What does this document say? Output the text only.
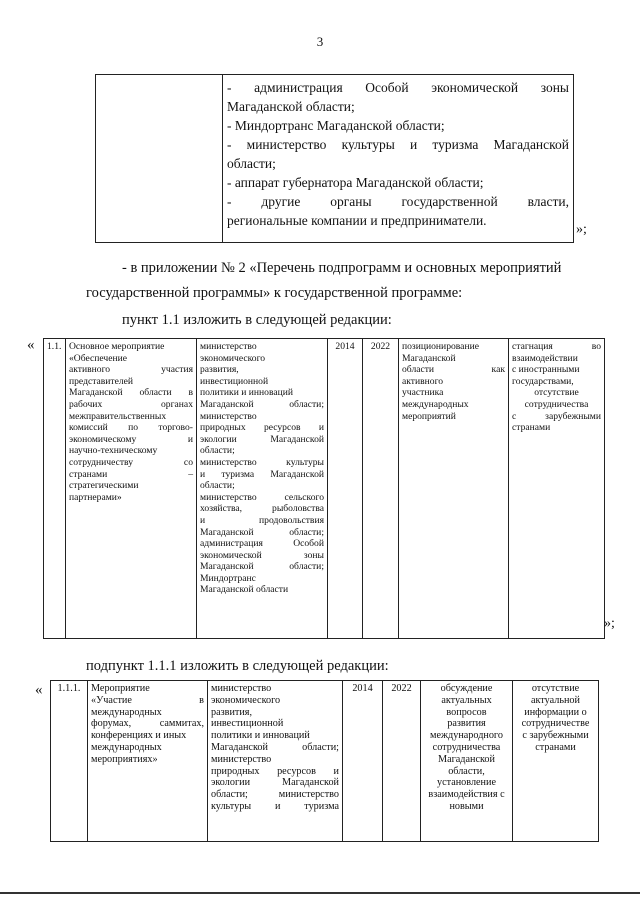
3

- администрация Особой экономической зоны
Магаданской области;
- Миндортранс Магаданской области;
- министерство культуры и туризма Магаданской
области;
- аппарат губернатора Магаданской области;
- другие органы государственной власти,
региональные компании и предприниматели.
»;
- в приложении № 2 «Перечень подпрограмм и основных мероприятий
государственной программы» к государственной программе:
пункт 1.1 изложить в следующей редакции:
« 1.1.	Основное мероприятие
«Обеспечение
активного участия
представителей
Магаданской области в
рабочих органах
межправительственных
комиссий по торгово-
экономическому и
научно-техническому
сотрудничеству со
странами –
стратегическими
партнерами»

министерство
экономического
развития,
инвестиционной
политики и инноваций
Магаданской области;
министерство
природных ресурсов и
экологии Магаданской
области;
министерство культуры
и туризма Магаданской
области;
министерство сельского
хозяйства, рыболовства
и продовольствия
Магаданской области;
администрация Особой
экономической зоны
Магаданской области;
Миндортранс
Магаданской области

2014	2022	позиционирование
Магаданской
области как
активного
участника
международных
мероприятий

стагнация во
взаимодействии
с иностранными
государствами,
отсутствие
сотрудничества
с зарубежными
странами
»;
подпункт 1.1.1 изложить в следующей редакции:
«	1.1.1.	Мероприятие
«Участие в
международных
форумах, саммитах,
конференциях и иных
международных
мероприятиях»

министерство
экономического
развития,
инвестиционной
политики и инноваций
Магаданской области;
министерство
природных ресурсов и
экологии Магаданской
области; министерство
культуры и туризма

2014	2022	обсуждение
актуальных
вопросов
развития
международного
сотрудничества
Магаданской
области,
установление
взаимодействия с
новыми

отсутствие
актуальной
информации о
сотрудничестве
с зарубежными
странами
